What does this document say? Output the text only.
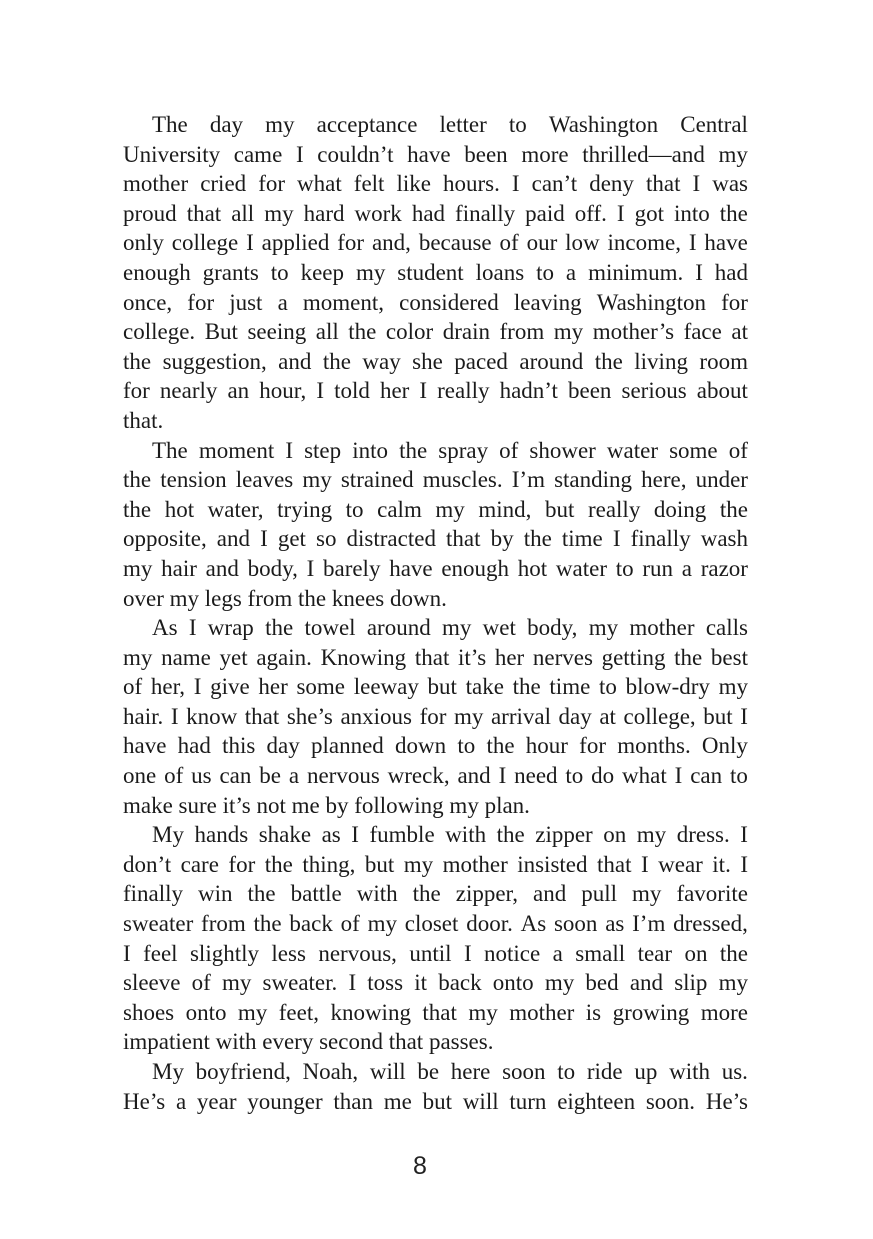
The day my acceptance letter to Washington Central
University came I couldn’t have been more thrilled—and my
mother cried for what felt like hours. I can’t deny that I was
proud that all my hard work had finally paid off. I got into the
only college I applied for and, because of our low income, I have
enough grants to keep my student loans to a minimum. I had
once, for just a moment, considered leaving Washington for
college. But seeing all the color drain from my mother’s face at
the suggestion, and the way she paced around the living room
for nearly an hour, I told her I really hadn’t been serious about
that.
The moment I step into the spray of shower water some of
the tension leaves my strained muscles. I’m standing here, under
the hot water, trying to calm my mind, but really doing the
opposite, and I get so distracted that by the time I finally wash
my hair and body, I barely have enough hot water to run a razor
over my legs from the knees down.
As I wrap the towel around my wet body, my mother calls
my name yet again. Knowing that it’s her nerves getting the best
of her, I give her some leeway but take the time to blow-dry my
hair. I know that she’s anxious for my arrival day at college, but I
have had this day planned down to the hour for months. Only
one of us can be a nervous wreck, and I need to do what I can to
make sure it’s not me by following my plan.
My hands shake as I fumble with the zipper on my dress. I
don’t care for the thing, but my mother insisted that I wear it. I
finally win the battle with the zipper, and pull my favorite
sweater from the back of my closet door. As soon as I’m dressed,
I feel slightly less nervous, until I notice a small tear on the
sleeve of my sweater. I toss it back onto my bed and slip my
shoes onto my feet, knowing that my mother is growing more
impatient with every second that passes.
My boyfriend, Noah, will be here soon to ride up with us.
He’s a year younger than me but will turn eighteen soon. He’s
8
